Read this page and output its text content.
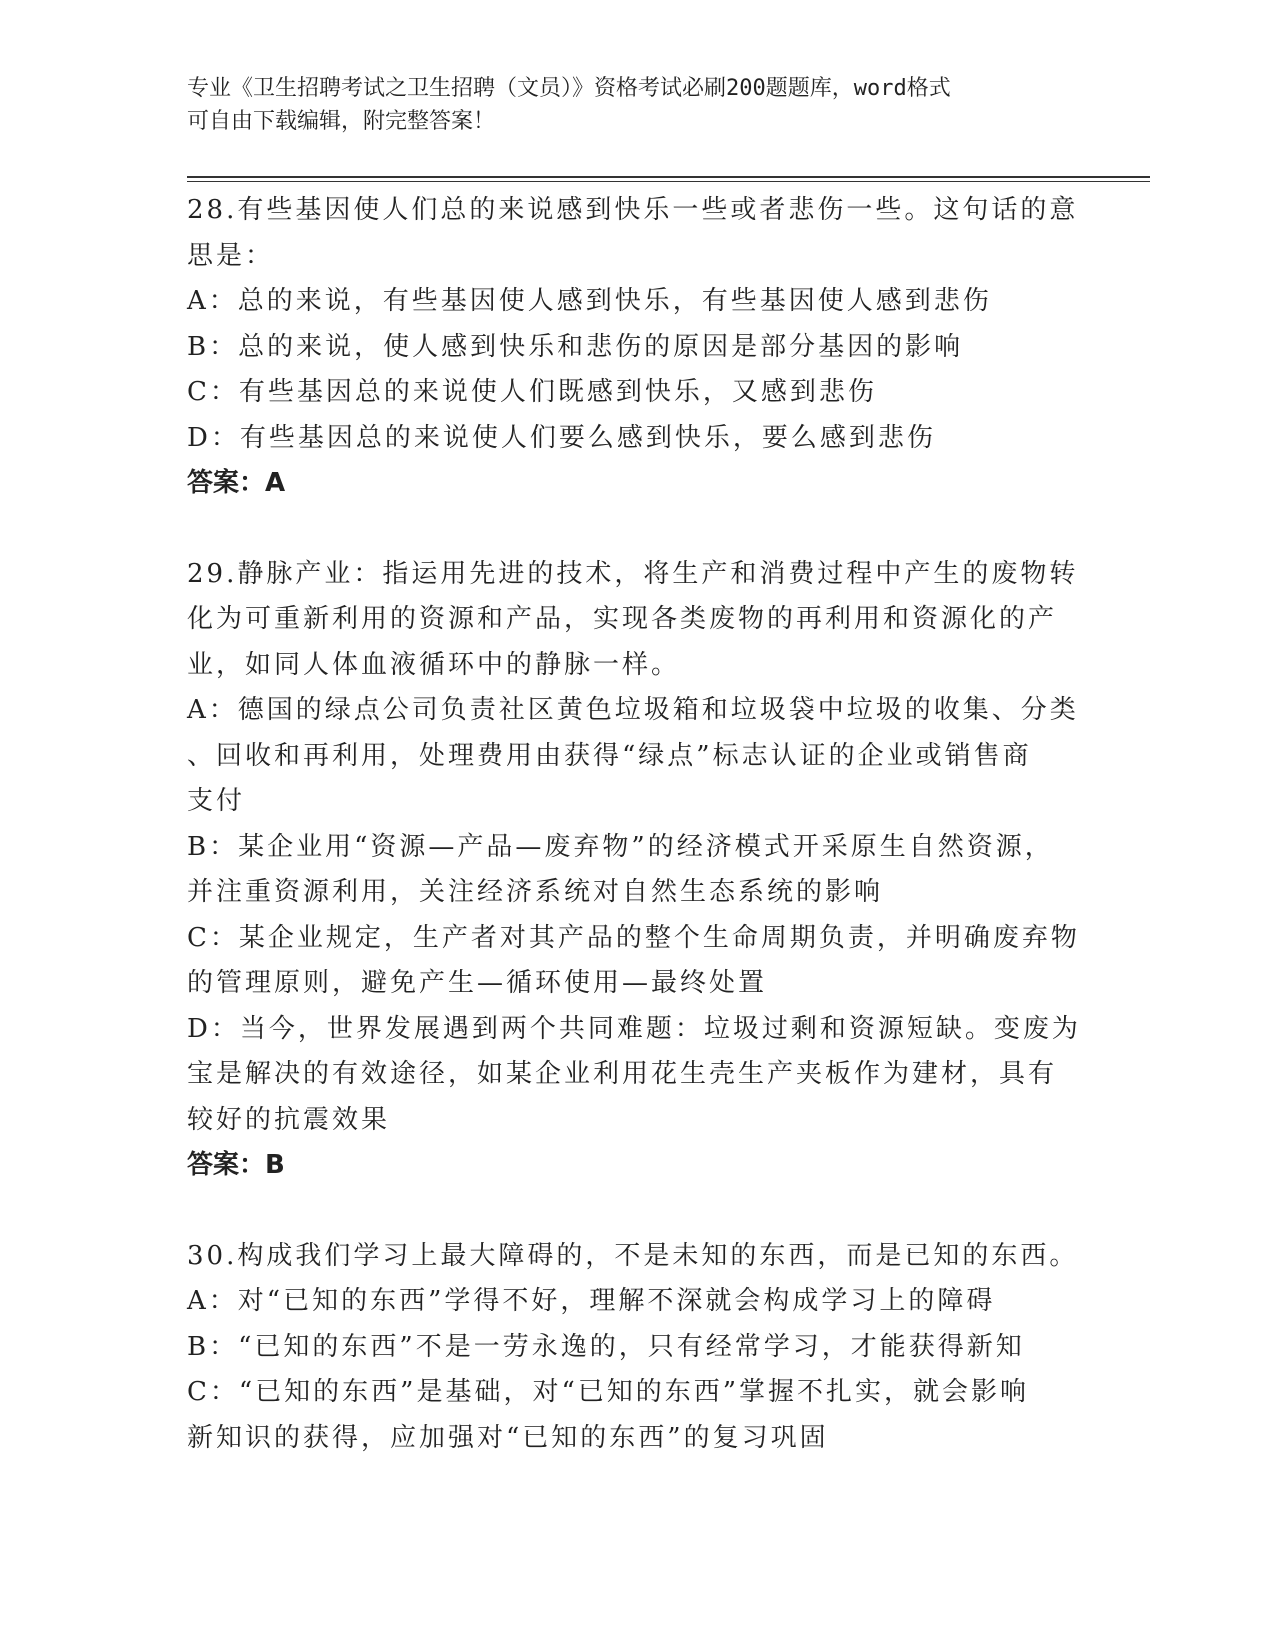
专业《卫生招聘考试之卫生招聘（文员）》资格考试必刷200题题库，word格式

可自由下载编辑，附完整答案！

28.有些基因使人们总的来说感到快乐一些或者悲伤一些。这句话的意

思是：

A：总的来说，有些基因使人感到快乐，有些基因使人感到悲伤

B：总的来说，使人感到快乐和悲伤的原因是部分基因的影响

C：有些基因总的来说使人们既感到快乐，又感到悲伤

D：有些基因总的来说使人们要么感到快乐，要么感到悲伤

答案：A

29.静脉产业：指运用先进的技术，将生产和消费过程中产生的废物转

化为可重新利用的资源和产品，实现各类废物的再利用和资源化的产

业，如同人体血液循环中的静脉一样。

A：德国的绿点公司负责社区黄色垃圾箱和垃圾袋中垃圾的收集、分类

、回收和再利用，处理费用由获得“绿点”标志认证的企业或销售商

支付

B：某企业用“资源—产品—废弃物”的经济模式开采原生自然资源，

并注重资源利用，关注经济系统对自然生态系统的影响

C：某企业规定，生产者对其产品的整个生命周期负责，并明确废弃物

的管理原则，避免产生—循环使用—最终处置

D：当今，世界发展遇到两个共同难题：垃圾过剩和资源短缺。变废为

宝是解决的有效途径，如某企业利用花生壳生产夹板作为建材，具有

较好的抗震效果

答案：B

30.构成我们学习上最大障碍的，不是未知的东西，而是已知的东西。

A：对“已知的东西”学得不好，理解不深就会构成学习上的障碍

B：“已知的东西”不是一劳永逸的，只有经常学习，才能获得新知

C：“已知的东西”是基础，对“已知的东西”掌握不扎实，就会影响

新知识的获得，应加强对“已知的东西”的复习巩固
